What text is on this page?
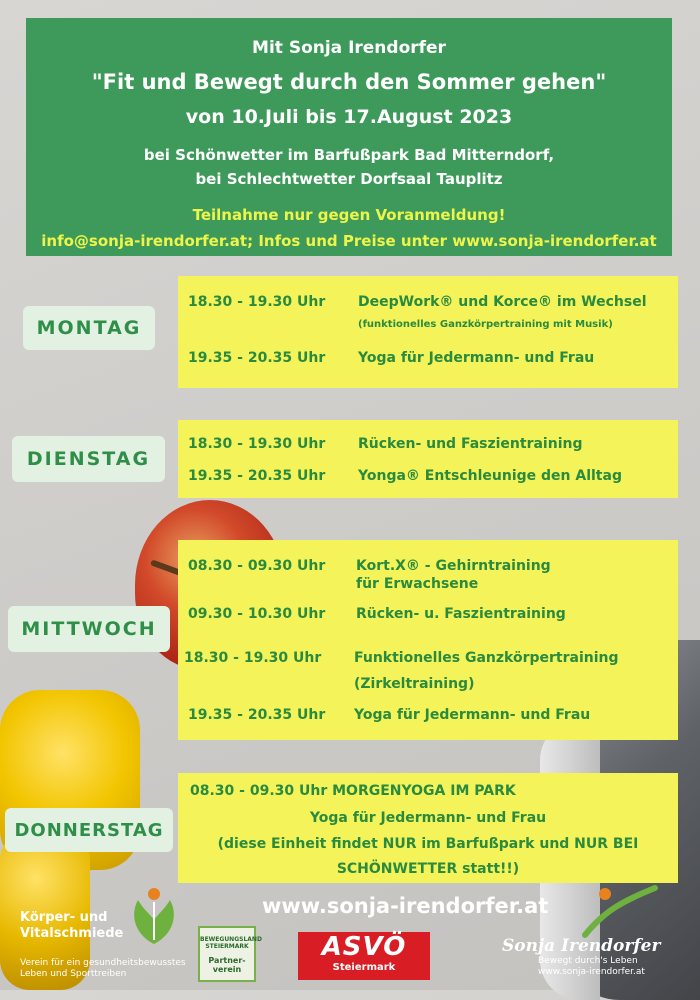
Mit Sonja Irendorfer
"Fit und Bewegt durch den Sommer gehen"
von 10.Juli bis 17.August 2023
bei Schönwetter im Barfußpark Bad Mitterndorf,
bei Schlechtwetter Dorfsaal Tauplitz
Teilnahme nur gegen Voranmeldung!
info@sonja-irendorfer.at; Infos und Preise unter www.sonja-irendorfer.at
MONTAG
18.30 - 19.30 Uhr DeepWork® und Korce® im Wechsel
(funktionelles Ganzkörpertraining mit Musik)
19.35 - 20.35 Uhr Yoga für Jedermann- und Frau
DIENSTAG
18.30 - 19.30 Uhr Rücken- und Faszientraining
19.35 - 20.35 Uhr Yonga® Entschleunige den Alltag
MITTWOCH
08.30 - 09.30 Uhr Kort.X® - Gehirntraining
für Erwachsene
09.30 - 10.30 Uhr Rücken- u. Faszientraining
18.30 - 19.30 Uhr Funktionelles Ganzkörpertraining
(Zirkeltraining)
19.35 - 20.35 Uhr Yoga für Jedermann- und Frau
DONNERSTAG
08.30 - 09.30 Uhr MORGENYOGA IM PARK
Yoga für Jedermann- und Frau
(diese Einheit findet NUR im Barfußpark und NUR BEI
SCHÖNWETTER statt!!)
www.sonja-irendorfer.at
Körper- und
Vitalschmiede
Verein für ein gesundheitsbewusstes
Leben und Sporttreiben
BEWEGUNGSLAND
STEIERMARK
Partner-
verein
ASVÖ
Steiermark
Sonja Irendorfer
Bewegt durch's Leben
www.sonja-irendorfer.at
